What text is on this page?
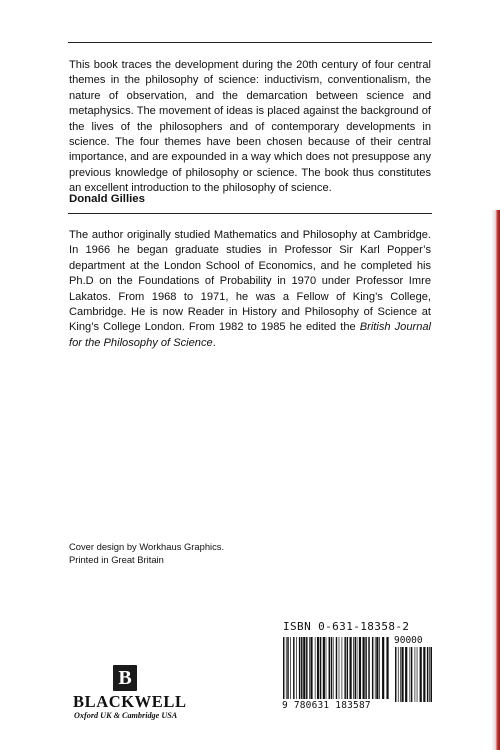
This book traces the development during the 20th century of four central themes in the philosophy of science: inductivism, conventionalism, the nature of observation, and the demarcation between science and metaphysics. The movement of ideas is placed against the background of the lives of the philosophers and of contemporary developments in science. The four themes have been chosen because of their central importance, and are expounded in a way which does not presuppose any previous knowledge of philosophy or science. The book thus constitutes an excellent introduction to the philosophy of science.

Donald Gillies

The author originally studied Mathematics and Philosophy at Cambridge. In 1966 he began graduate studies in Professor Sir Karl Popper’s department at the London School of Economics, and he completed his Ph.D on the Foundations of Probability in 1970 under Professor Imre Lakatos. From 1968 to 1971, he was a Fellow of King’s College, Cambridge. He is now Reader in History and Philosophy of Science at King’s College London. From 1982 to 1985 he edited the British Journal for the Philosophy of Science.

Cover design by Workhaus Graphics.
Printed in Great Britain
ISBN 0-631-18358-2
90000
9 780631 183587
B
BLACKWELL
Oxford UK & Cambridge USA
